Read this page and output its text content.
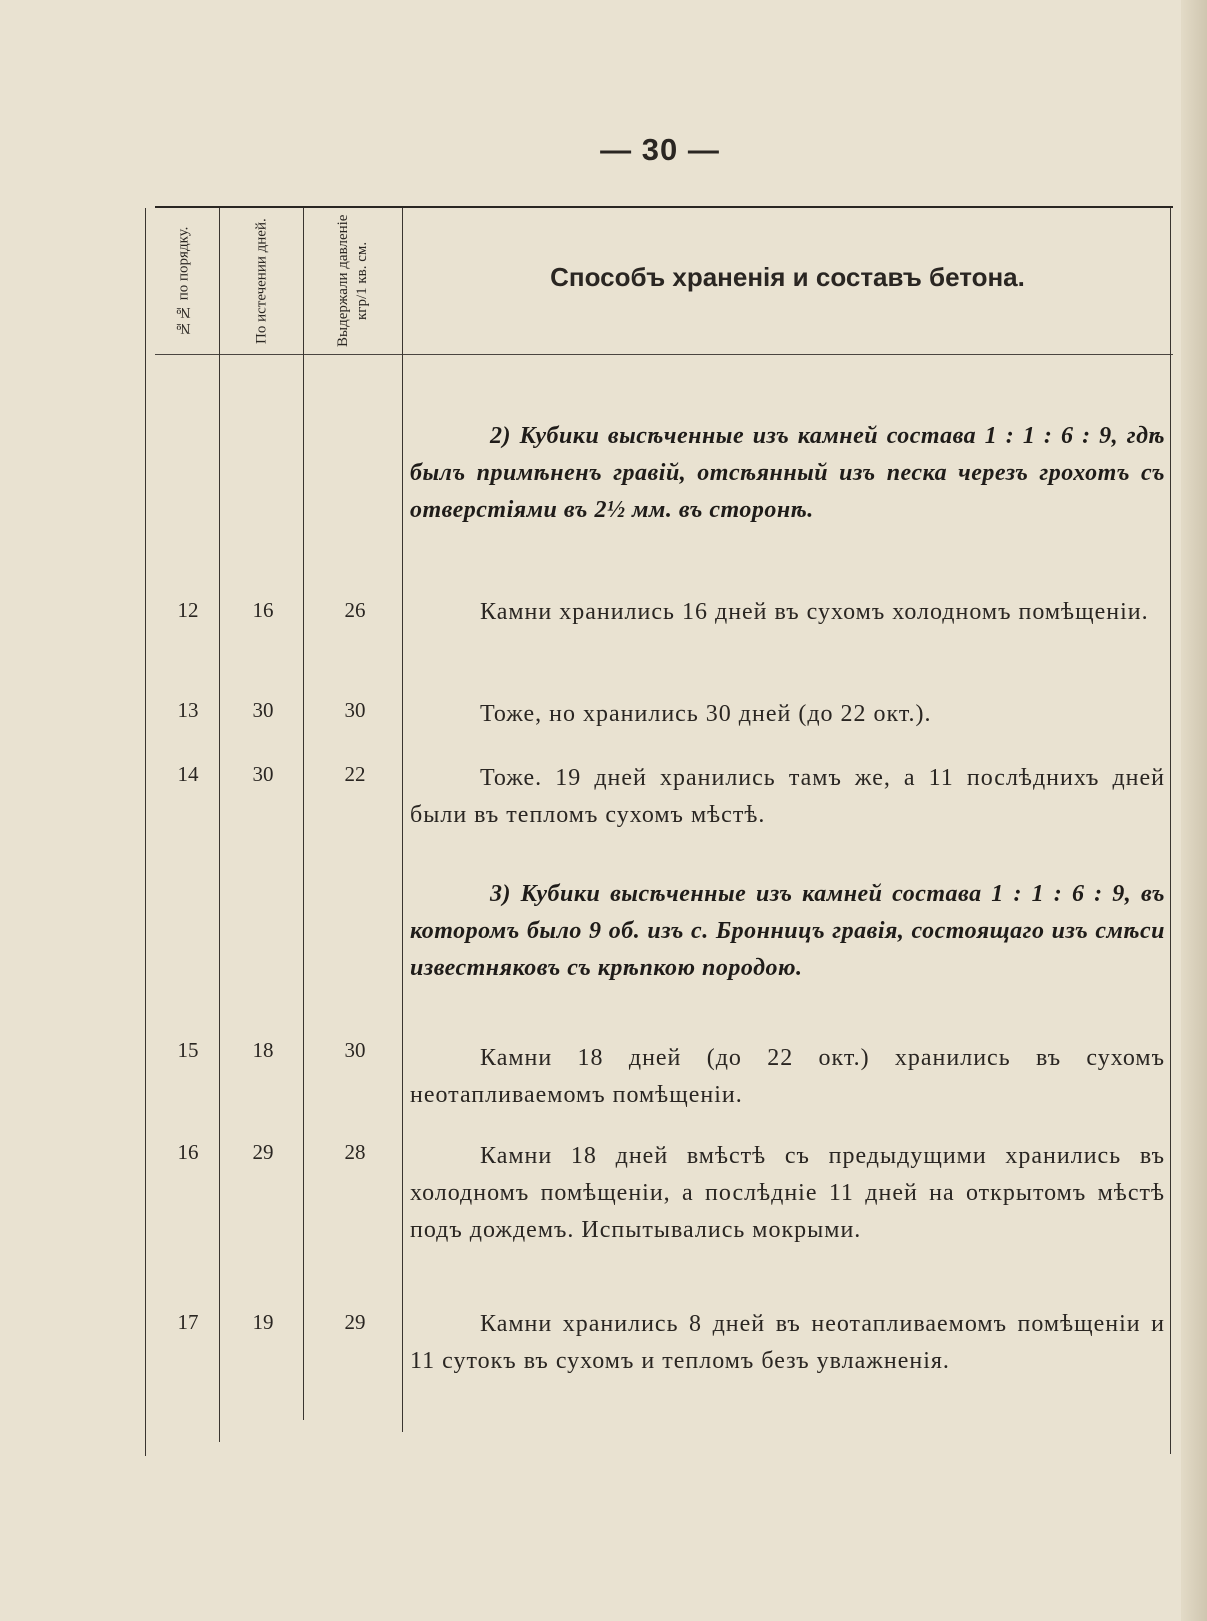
— 30 —
№№ по порядку.	По истечении дней.	Выдержали давленіе кгр/1 кв. см.	Способъ храненія и составъ бетона.
2) Кубики высѣченные изъ камней состава 1 : 1 : 6 : 9, гдѣ былъ примѣненъ гравій, отсѣянный изъ песка черезъ грохотъ съ отверстіями въ 2½ мм. въ сторонѣ.
12	16	26	Камни хранились 16 дней въ сухомъ холодномъ помѣщеніи.
13	30	30	Тоже, но хранились 30 дней (до 22 окт.).
14	30	22	Тоже. 19 дней хранились тамъ же, а 11 послѣднихъ дней были въ тепломъ сухомъ мѣстѣ.
3) Кубики высѣченные изъ камней состава 1 : 1 : 6 : 9, въ которомъ было 9 об. изъ с. Бронницъ гравія, состоящаго изъ смѣси известняковъ съ крѣпкою породою.
15	18	30	Камни 18 дней (до 22 окт.) хранились въ сухомъ неотапливаемомъ помѣщеніи.
16	29	28	Камни 18 дней вмѣстѣ съ предыдущими хранились въ холодномъ помѣщеніи, а послѣдніе 11 дней на открытомъ мѣстѣ подъ дождемъ. Испытывались мокрыми.
17	19	29	Камни хранились 8 дней въ неотапливаемомъ помѣщеніи и 11 сутокъ въ сухомъ и тепломъ безъ увлажненія.
